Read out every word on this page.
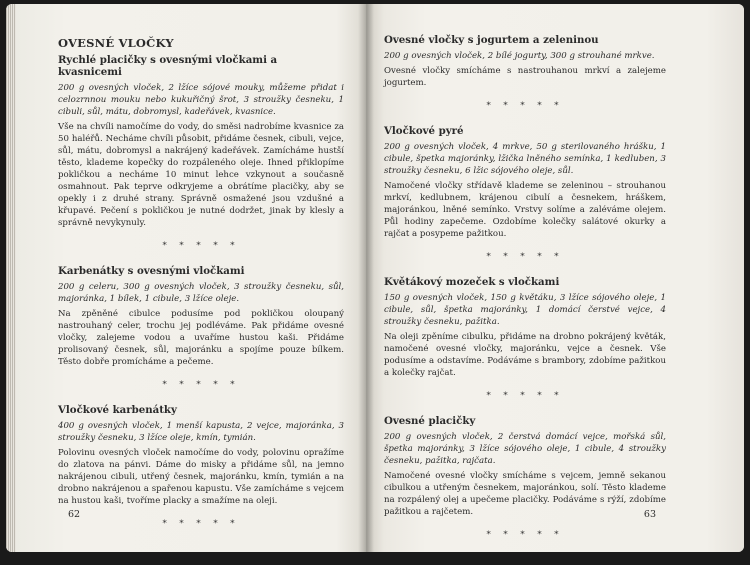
OVESNÉ VLOČKY
Rychlé placičky s ovesnými vločkami a kvasnicemi
200 g ovesných vloček, 2 lžíce sójové mouky, můžeme přidat i celozrnnou mouku nebo kukuřičný šrot, 3 stroužky česneku, 1 cibuli, sůl, mátu, dobromysl, kadeřávek, kvasnice.
Vše na chvíli namočíme do vody, do směsi nadrobíme kvasnice za 50 haléřů. Necháme chvíli působit, přidáme česnek, cibuli, vejce, sůl, mátu, dobromysl a nakrájený kadeřávek. Zamícháme hustší těsto, klademe kopečky do rozpáleného oleje. Ihned přiklopíme pokličkou a necháme 10 minut lehce vzkynout a současně osmahnout. Pak teprve odkryjeme a obrátíme placičky, aby se opekly i z druhé strany. Správně osmažené jsou vzdušné a křupavé. Pečení s pokličkou je nutné dodržet, jinak by klesly a správně nevykynuly.
* * * * *
Karbenátky s ovesnými vločkami
200 g celeru, 300 g ovesných vloček, 3 stroužky česneku, sůl, majoránka, 1 bílek, 1 cibule, 3 lžíce oleje.
Na zpěněné cibulce podusíme pod pokličkou oloupaný nastrouhaný celer, trochu jej podléváme. Pak přidáme ovesné vločky, zalejeme vodou a uvaříme hustou kaši. Přidáme prolisovaný česnek, sůl, majoránku a spojíme pouze bílkem. Těsto dobře promícháme a pečeme.
* * * * *
Vločkové karbenátky
400 g ovesných vloček, 1 menší kapusta, 2 vejce, majoránka, 3 stroužky česneku, 3 lžíce oleje, kmín, tymián.
Polovinu ovesných vloček namočíme do vody, polovinu opražíme do zlatova na pánvi. Dáme do misky a přidáme sůl, na jemno nakrájenou cibuli, utřený česnek, majoránku, kmín, tymián a na drobno nakrájenou a spařenou kapustu. Vše zamícháme s vejcem na hustou kaši, tvoříme placky a smažíme na oleji.
* * * * *
62
Ovesné vločky s jogurtem a zeleninou
200 g ovesných vloček, 2 bílé jogurty, 300 g strouhané mrkve.
Ovesné vločky smícháme s nastrouhanou mrkví a zalejeme jogurtem.
* * * * *
Vločkové pyré
200 g ovesných vloček, 4 mrkve, 50 g sterilovaného hrášku, 1 cibule, špetka majoránky, lžička lněného semínka, 1 kedluben, 3 stroužky česneku, 6 lžic sójového oleje, sůl.
Namočené vločky střídavě klademe se zeleninou – strouhanou mrkví, kedlubnem, krájenou cibulí a česnekem, hráškem, majoránkou, lněné semínko. Vrstvy solíme a zaléváme olejem. Půl hodiny zapečeme. Ozdobíme kolečky salátové okurky a rajčat a posypeme pažitkou.
* * * * *
Květákový mozeček s vločkami
150 g ovesných vloček, 150 g květáku, 3 lžíce sójového oleje, 1 cibule, sůl, špetka majoránky, 1 domácí čerstvé vejce, 4 stroužky česneku, pažitka.
Na oleji zpěníme cibulku, přidáme na drobno pokrájený květák, namočené ovesné vločky, majoránku, vejce a česnek. Vše podusíme a odstavíme. Podáváme s brambory, zdobíme pažitkou a kolečky rajčat.
* * * * *
Ovesné placičky
200 g ovesných vloček, 2 čerstvá domácí vejce, mořská sůl, špetka majoránky, 3 lžíce sójového oleje, 1 cibule, 4 stroužky česneku, pažitka, rajčata.
Namočené ovesné vločky smícháme s vejcem, jemně sekanou cibulkou a utřeným česnekem, majoránkou, solí. Těsto klademe na rozpálený olej a upečeme placičky. Podáváme s rýží, zdobíme pažitkou a rajčetem.
* * * * *
63
